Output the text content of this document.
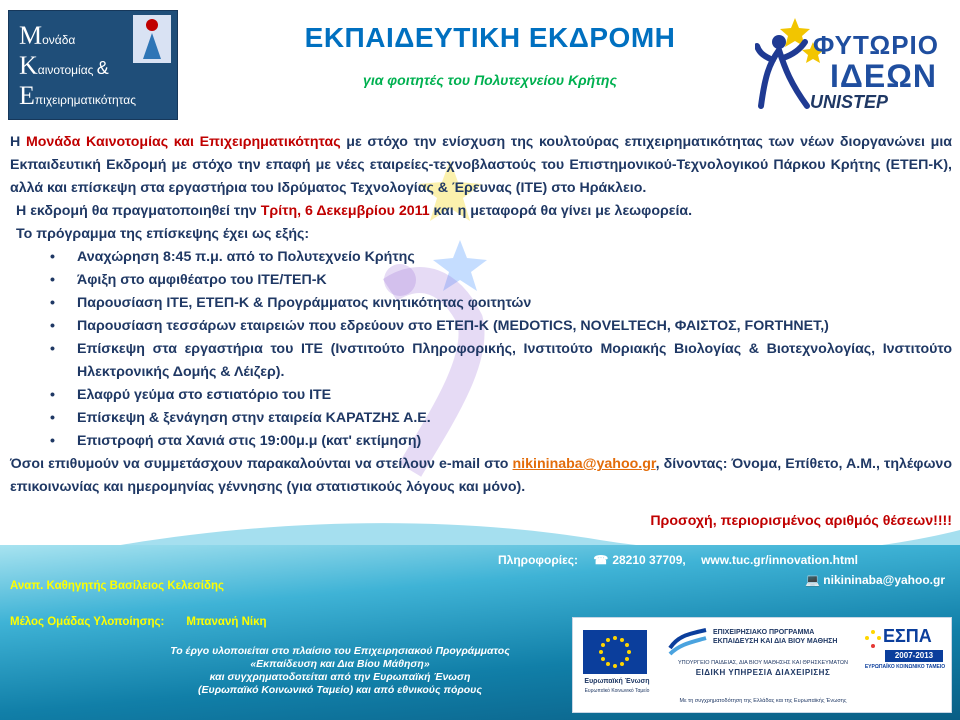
Μονάδα
Καινοτομίας &
Επιχειρηματικότητας
ΕΚΠΑΙΔΕΥΤΙΚΗ ΕΚΔΡΟΜΗ
για φοιτητές του Πολυτεχνείου Κρήτης
ΦΥΤΩΡΙΟ
ΙΔΕΩΝ
UNISTEP

Η Μονάδα Καινοτομίας και Επιχειρηματικότητας με στόχο την ενίσχυση της κουλτούρας επιχειρηματικότητας των νέων διοργανώνει μια Εκπαιδευτική Εκδρομή με στόχο την επαφή με νέες εταιρείες-τεχνοβλαστούς του Επιστημονικού-Τεχνολογικού Πάρκου Κρήτης (ΕΤΕΠ-Κ), αλλά και επίσκεψη στα εργαστήρια του Ιδρύματος Τεχνολογίας & Έρευνας (ΙΤΕ) στο Ηράκλειο.

Η εκδρομή θα πραγματοποιηθεί την Τρίτη, 6 Δεκεμβρίου 2011 και η μεταφορά θα γίνει με λεωφορεία.

Το πρόγραμμα της επίσκεψης έχει ως εξής:

• Αναχώρηση 8:45 π.μ. από το Πολυτεχνείο Κρήτης
• Άφιξη στο αμφιθέατρο του ΙΤΕ/ΤΕΠ-Κ
• Παρουσίαση ΙΤΕ, ΕΤΕΠ-Κ & Προγράμματος κινητικότητας φοιτητών
• Παρουσίαση τεσσάρων εταιρειών που εδρεύουν στο ΕΤΕΠ-Κ (MEDOTICS, NOVELTECH, ΦΑΙΣΤΟΣ, FORTHNET,)
• Επίσκεψη στα εργαστήρια του ΙΤΕ (Ινστιτούτο Πληροφορικής, Ινστιτούτο Μοριακής Βιολογίας & Βιοτεχνολογίας, Ινστιτούτο Ηλεκτρονικής Δομής & Λέιζερ).
• Ελαφρύ γεύμα στο εστιατόριο του ΙΤΕ
• Επίσκεψη & ξενάγηση στην εταιρεία ΚΑΡΑΤΖΗΣ Α.Ε.
• Επιστροφή στα Χανιά στις 19:00μ.μ (κατ' εκτίμηση)

Όσοι επιθυμούν να συμμετάσχουν παρακαλούνται να στείλουν e-mail στο nikininaba@yahoo.gr, δίνοντας: Όνομα, Επίθετο, Α.Μ., τηλέφωνο επικοινωνίας και ημερομηνίας γέννησης (για στατιστικούς λόγους και μόνο).

Προσοχή, περιορισμένος αριθμός θέσεων!!!!
Πληροφορίες: ☎ 28210 37709, www.tuc.gr/innovation.html
💻 nikininaba@yahoo.gr
Αναπ. Καθηγητής Βασίλειος Κελεσίδης
Μέλος Ομάδας Υλοποίησης: Μπανανή Νίκη
Το έργο υλοποιείται στο πλαίσιο του Επιχειρησιακού Προγράμματος
«Εκπαίδευση και Δια Βίου Μάθηση»
και συγχρηματοδοτείται από την Ευρωπαϊκή Ένωση
(Ευρωπαϊκό Κοινωνικό Ταμείο) και από εθνικούς πόρους
Ευρωπαϊκή Ένωση
Ευρωπαϊκό Κοινωνικό Ταμείο
ΕΠΙΧΕΙΡΗΣΙΑΚΟ ΠΡΟΓΡΑΜΜΑ ΕΚΠΑΙΔΕΥΣΗ ΚΑΙ ΔΙΑ ΒΙΟΥ ΜΑΘΗΣΗ
ΥΠΟΥΡΓΕΙΟ ΠΑΙΔΕΙΑΣ, ΔΙΑ ΒΙΟΥ ΜΑΘΗΣΗΣ ΚΑΙ ΘΡΗΣΚΕΥΜΑΤΩΝ
ΕΙΔΙΚΗ ΥΠΗΡΕΣΙΑ ΔΙΑΧΕΙΡΙΣΗΣ
ΕΣΠΑ
2007-2013
ΕΥΡΩΠΑΪΚΟ ΚΟΙΝΩΝΙΚΟ ΤΑΜΕΙΟ
Με τη συγχρηματοδότηση της Ελλάδας και της Ευρωπαϊκής Ένωσης
